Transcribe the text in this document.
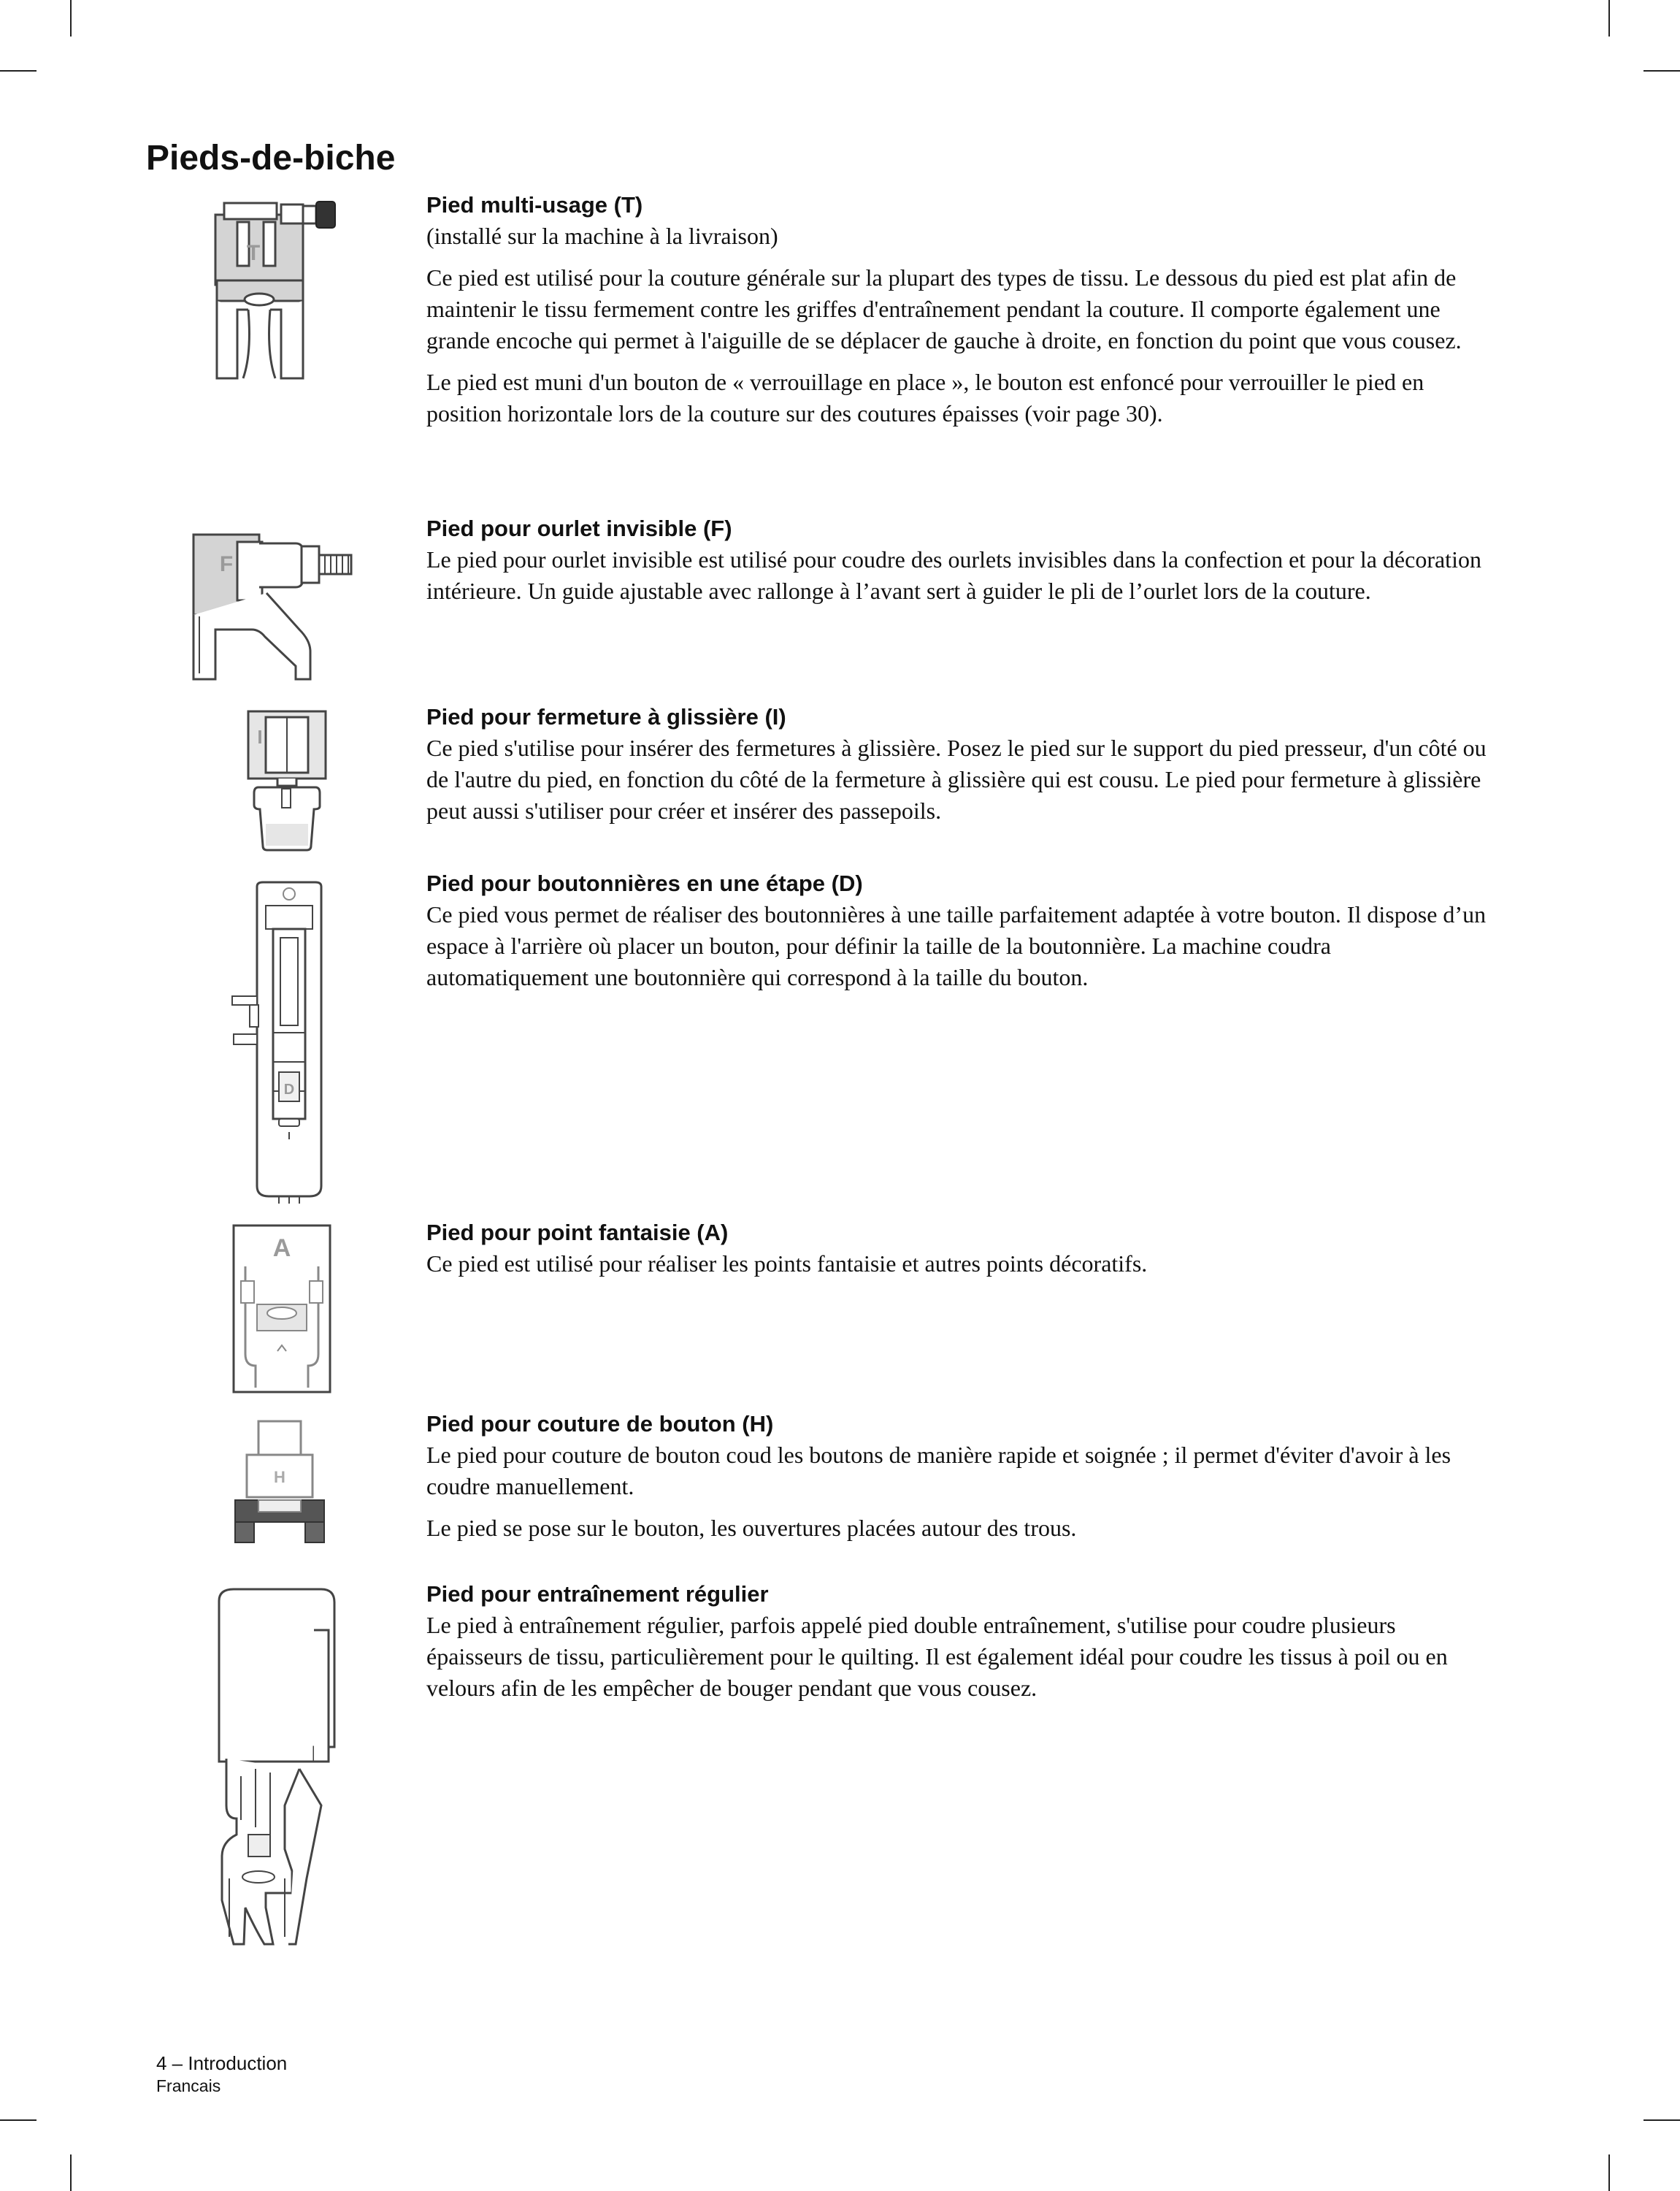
Pieds-de-biche
Pied multi-usage (T)

(installé sur la machine à la livraison)

Ce pied est utilisé pour la couture générale sur la plupart des types de tissu. Le dessous du pied est plat afin de maintenir le tissu fermement contre les griffes d'entraînement pendant la couture. Il comporte également une grande encoche qui permet à l'aiguille de se déplacer de gauche à droite, en fonction du point que vous cousez.

Le pied est muni d'un bouton de « verrouillage en place », le bouton est enfoncé pour verrouiller le pied en position horizontale lors de la couture sur des coutures épaisses (voir page 30).

T
Pied pour ourlet invisible (F)

Le pied pour ourlet invisible est utilisé pour coudre des ourlets invisibles dans la confection et pour la décoration intérieure. Un guide ajustable avec rallonge à l’avant sert à guider le pli de l’ourlet lors de la couture.

F
Pied pour fermeture à glissière (I)

Ce pied s'utilise pour insérer des fermetures à glissière. Posez le pied sur le support du pied presseur, d'un côté ou de l'autre du pied, en fonction du côté de la fermeture à glissière qui est cousu. Le pied pour fermeture à glissière peut aussi s'utiliser pour créer et insérer des passepoils.

I
Pied pour boutonnières en une étape (D)

Ce pied vous permet de réaliser des boutonnières à une taille parfaitement adaptée à votre bouton. Il dispose d’un espace à l'arrière où placer un bouton, pour définir la taille de la boutonnière. La machine coudra automatiquement une boutonnière qui correspond à la taille du bouton.

D
Pied pour point fantaisie (A)

Ce pied est utilisé pour réaliser les points fantaisie et autres points décoratifs.

A
Pied pour couture de bouton (H)

Le pied pour couture de bouton coud les boutons de manière rapide et soignée ; il permet d'éviter d'avoir à les coudre manuellement.

Le pied se pose sur le bouton, les ouvertures placées autour des trous.

H
Pied pour entraînement régulier

Le pied à entraînement régulier, parfois appelé pied double entraînement, s'utilise pour coudre plusieurs épaisseurs de tissu, particulièrement pour le quilting. Il est également idéal pour coudre les tissus à poil ou en velours afin de les empêcher de bouger pendant que vous cousez.

4 – Introduction
Francais
